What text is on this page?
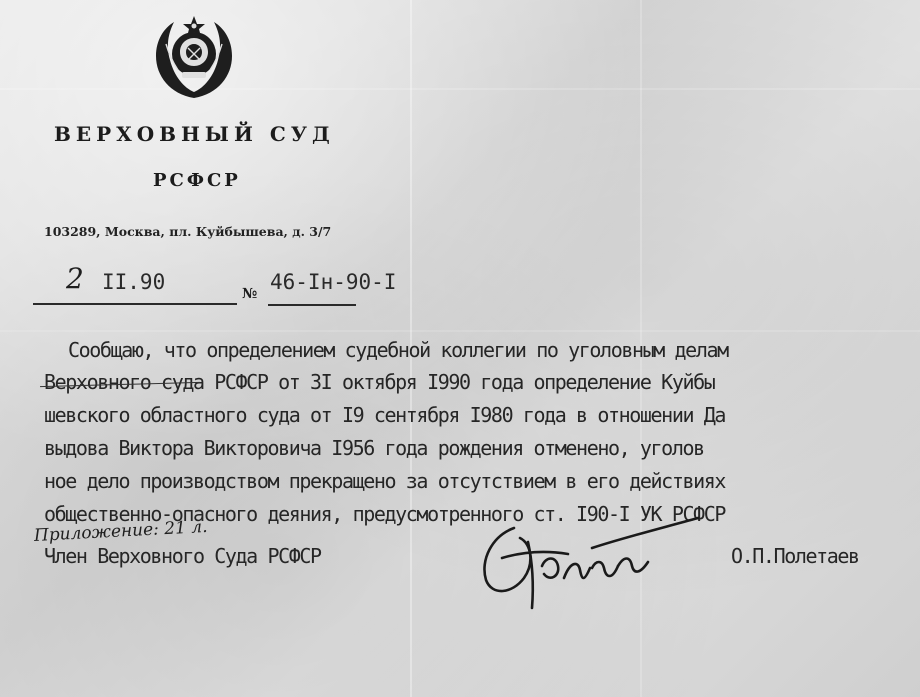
ВЕРХОВНЫЙ СУД
РСФСР
103289, Москва, пл. Куйбышева, д. 3/7
2 II.90	№ 46-Iн-90-I
Сообщаю, что определением судебной коллегии по уголовным делам
Верховного суда РСФСР от 3I октября I990 года определение Куйбы
шевского областного суда от I9 сентября I980 года в отношении Да
выдова Виктора Викторовича I956 года рождения отменено, уголов
ное дело производством прекращено за отсутствием в его действиях
общественно-опасного деяния, предусмотренного ст. I90-I УК РСФСР
Приложение: 21 л.
Член Верховного Суда РСФСР	О.П.Полетаев
